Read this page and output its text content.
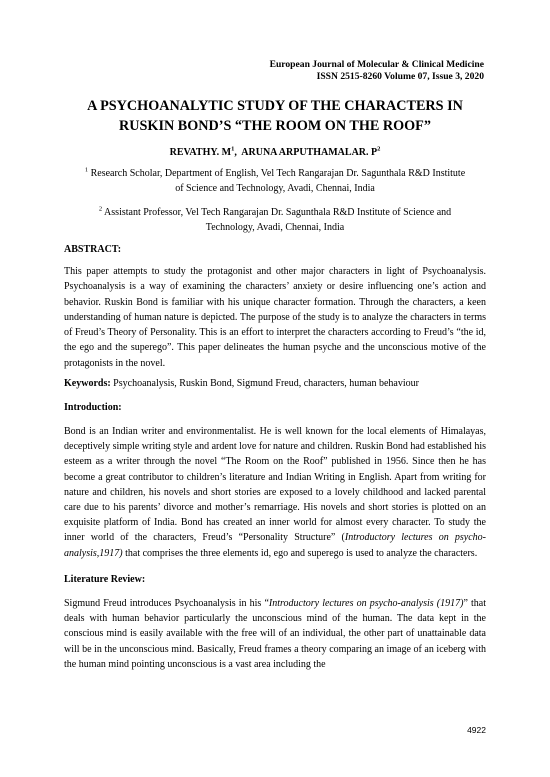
European Journal of Molecular & Clinical Medicine
ISSN 2515-8260 Volume 07, Issue 3, 2020
A PSYCHOANALYTIC STUDY OF THE CHARACTERS IN
RUSKIN BOND’S “THE ROOM ON THE ROOF”
REVATHY. $M^1$,  ARUNA ARPUTHAMALAR. $P^2$
$^1$ Research Scholar, Department of English, Vel Tech Rangarajan Dr. Sagunthala R&D Institute
of Science and Technology, Avadi, Chennai, India
$^2$ Assistant Professor, Vel Tech Rangarajan Dr. Sagunthala R&D Institute of Science and
Technology, Avadi, Chennai, India
ABSTRACT:
This paper attempts to study the protagonist and other major characters in light of Psychoanalysis. Psychoanalysis is a way of examining the characters’ anxiety or desire influencing one’s action and behavior. Ruskin Bond is familiar with his unique character formation. Through the characters, a keen understanding of human nature is depicted. The purpose of the study is to analyze the characters in terms of Freud’s Theory of Personality. This is an effort to interpret the characters according to Freud’s “the id, the ego and the superego”. This paper delineates the human psyche and the unconscious motive of the protagonists in the novel.
Keywords: Psychoanalysis, Ruskin Bond, Sigmund Freud, characters, human behaviour
Introduction:
Bond is an Indian writer and environmentalist. He is well known for the local elements of Himalayas, deceptively simple writing style and ardent love for nature and children. Ruskin Bond had established his esteem as a writer through the novel “The Room on the Roof” published in 1956. Since then he has become a great contributor to children’s literature and Indian Writing in English. Apart from writing for nature and children, his novels and short stories are exposed to a lovely childhood and lacked parental care due to his parents’ divorce and mother’s remarriage. His novels and short stories is plotted on an exquisite platform of India. Bond has created an inner world for almost every character. To study the inner world of the characters, Freud’s “Personality Structure” (Introductory lectures on psycho-analysis,1917) that comprises the three elements id, ego and superego is used to analyze the characters.
Literature Review:
Sigmund Freud introduces Psychoanalysis in his “Introductory lectures on psycho-analysis (1917)” that deals with human behavior particularly the unconscious mind of the human. The data kept in the conscious mind is easily available with the free will of an individual, the other part of unattainable data will be in the unconscious mind. Basically, Freud frames a theory comparing an image of an iceberg with the human mind pointing unconscious is a vast area including the
4922
